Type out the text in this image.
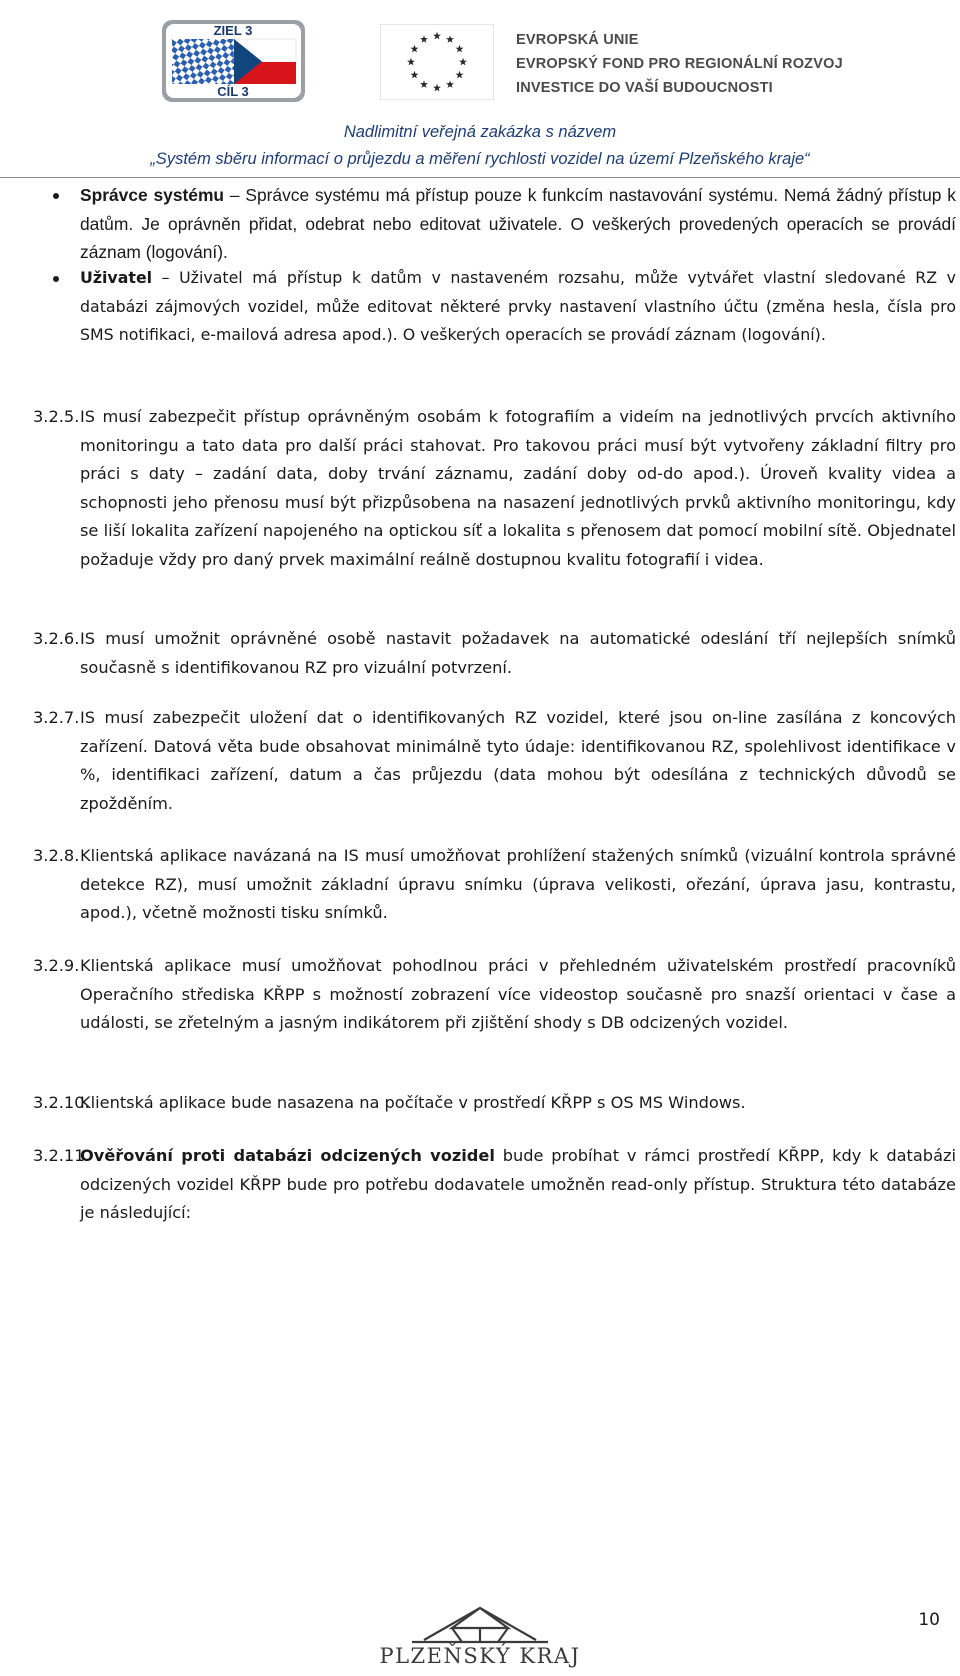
ZIEL 3
CÍL 3
EVROPSKÁ UNIE
EVROPSKÝ FOND PRO REGIONÁLNÍ ROZVOJ
INVESTICE DO VAŠÍ BUDOUCNOSTI
Nadlimitní veřejná zakázka s názvem
„Systém sběru informací o průjezdu a měření rychlosti vozidel na území Plzeňského kraje“

Správce systému – Správce systému má přístup pouze k funkcím nastavování systému. Nemá žádný přístup k datům. Je oprávněn přidat, odebrat nebo editovat uživatele. O veškerých provedených operacích se provádí záznam (logování).

Uživatel – Uživatel má přístup k datům v nastaveném rozsahu, může vytvářet vlastní sledované RZ v databázi zájmových vozidel, může editovat některé prvky nastavení vlastního účtu (změna hesla, čísla pro SMS notifikaci, e-mailová adresa apod.). O veškerých operacích se provádí záznam (logování).

3.2.5. IS musí zabezpečit přístup oprávněným osobám k fotografiím a videím na jednotlivých prvcích aktivního monitoringu a tato data pro další práci stahovat. Pro takovou práci musí být vytvořeny základní filtry pro práci s daty – zadání data, doby trvání záznamu, zadání doby od-do apod.). Úroveň kvality videa a schopnosti jeho přenosu musí být přizpůsobena na nasazení jednotlivých prvků aktivního monitoringu, kdy se liší lokalita zařízení napojeného na optickou síť a lokalita s přenosem dat pomocí mobilní sítě. Objednatel požaduje vždy pro daný prvek maximální reálně dostupnou kvalitu fotografií i videa.

3.2.6. IS musí umožnit oprávněné osobě nastavit požadavek na automatické odeslání tří nejlepších snímků současně s identifikovanou RZ pro vizuální potvrzení.

3.2.7. IS musí zabezpečit uložení dat o identifikovaných RZ vozidel, které jsou on-line zasílána z koncových zařízení. Datová věta bude obsahovat minimálně tyto údaje: identifikovanou RZ, spolehlivost identifikace v %, identifikaci zařízení, datum a čas průjezdu (data mohou být odesílána z technických důvodů se zpožděním.

3.2.8. Klientská aplikace navázaná na IS musí umožňovat prohlížení stažených snímků (vizuální kontrola správné detekce RZ), musí umožnit základní úpravu snímku (úprava velikosti, ořezání, úprava jasu, kontrastu, apod.), včetně možnosti tisku snímků.

3.2.9. Klientská aplikace musí umožňovat pohodlnou práci v přehledném uživatelském prostředí pracovníků Operačního střediska KŘPP s možností zobrazení více videostop současně pro snazší orientaci v čase a události, se zřetelným a jasným indikátorem při zjištění shody s DB odcizených vozidel.

3.2.10.

Klientská aplikace bude nasazena na počítače v prostředí KŘPP s OS MS Windows.

3.2.11.

Ověřování proti databázi odcizených vozidel bude probíhat v rámci prostředí KŘPP, kdy k databázi odcizených vozidel KŘPP bude pro potřebu dodavatele umožněn read-only přístup. Struktura této databáze je následující:

10
PLZEŇSKÝ KRAJ
